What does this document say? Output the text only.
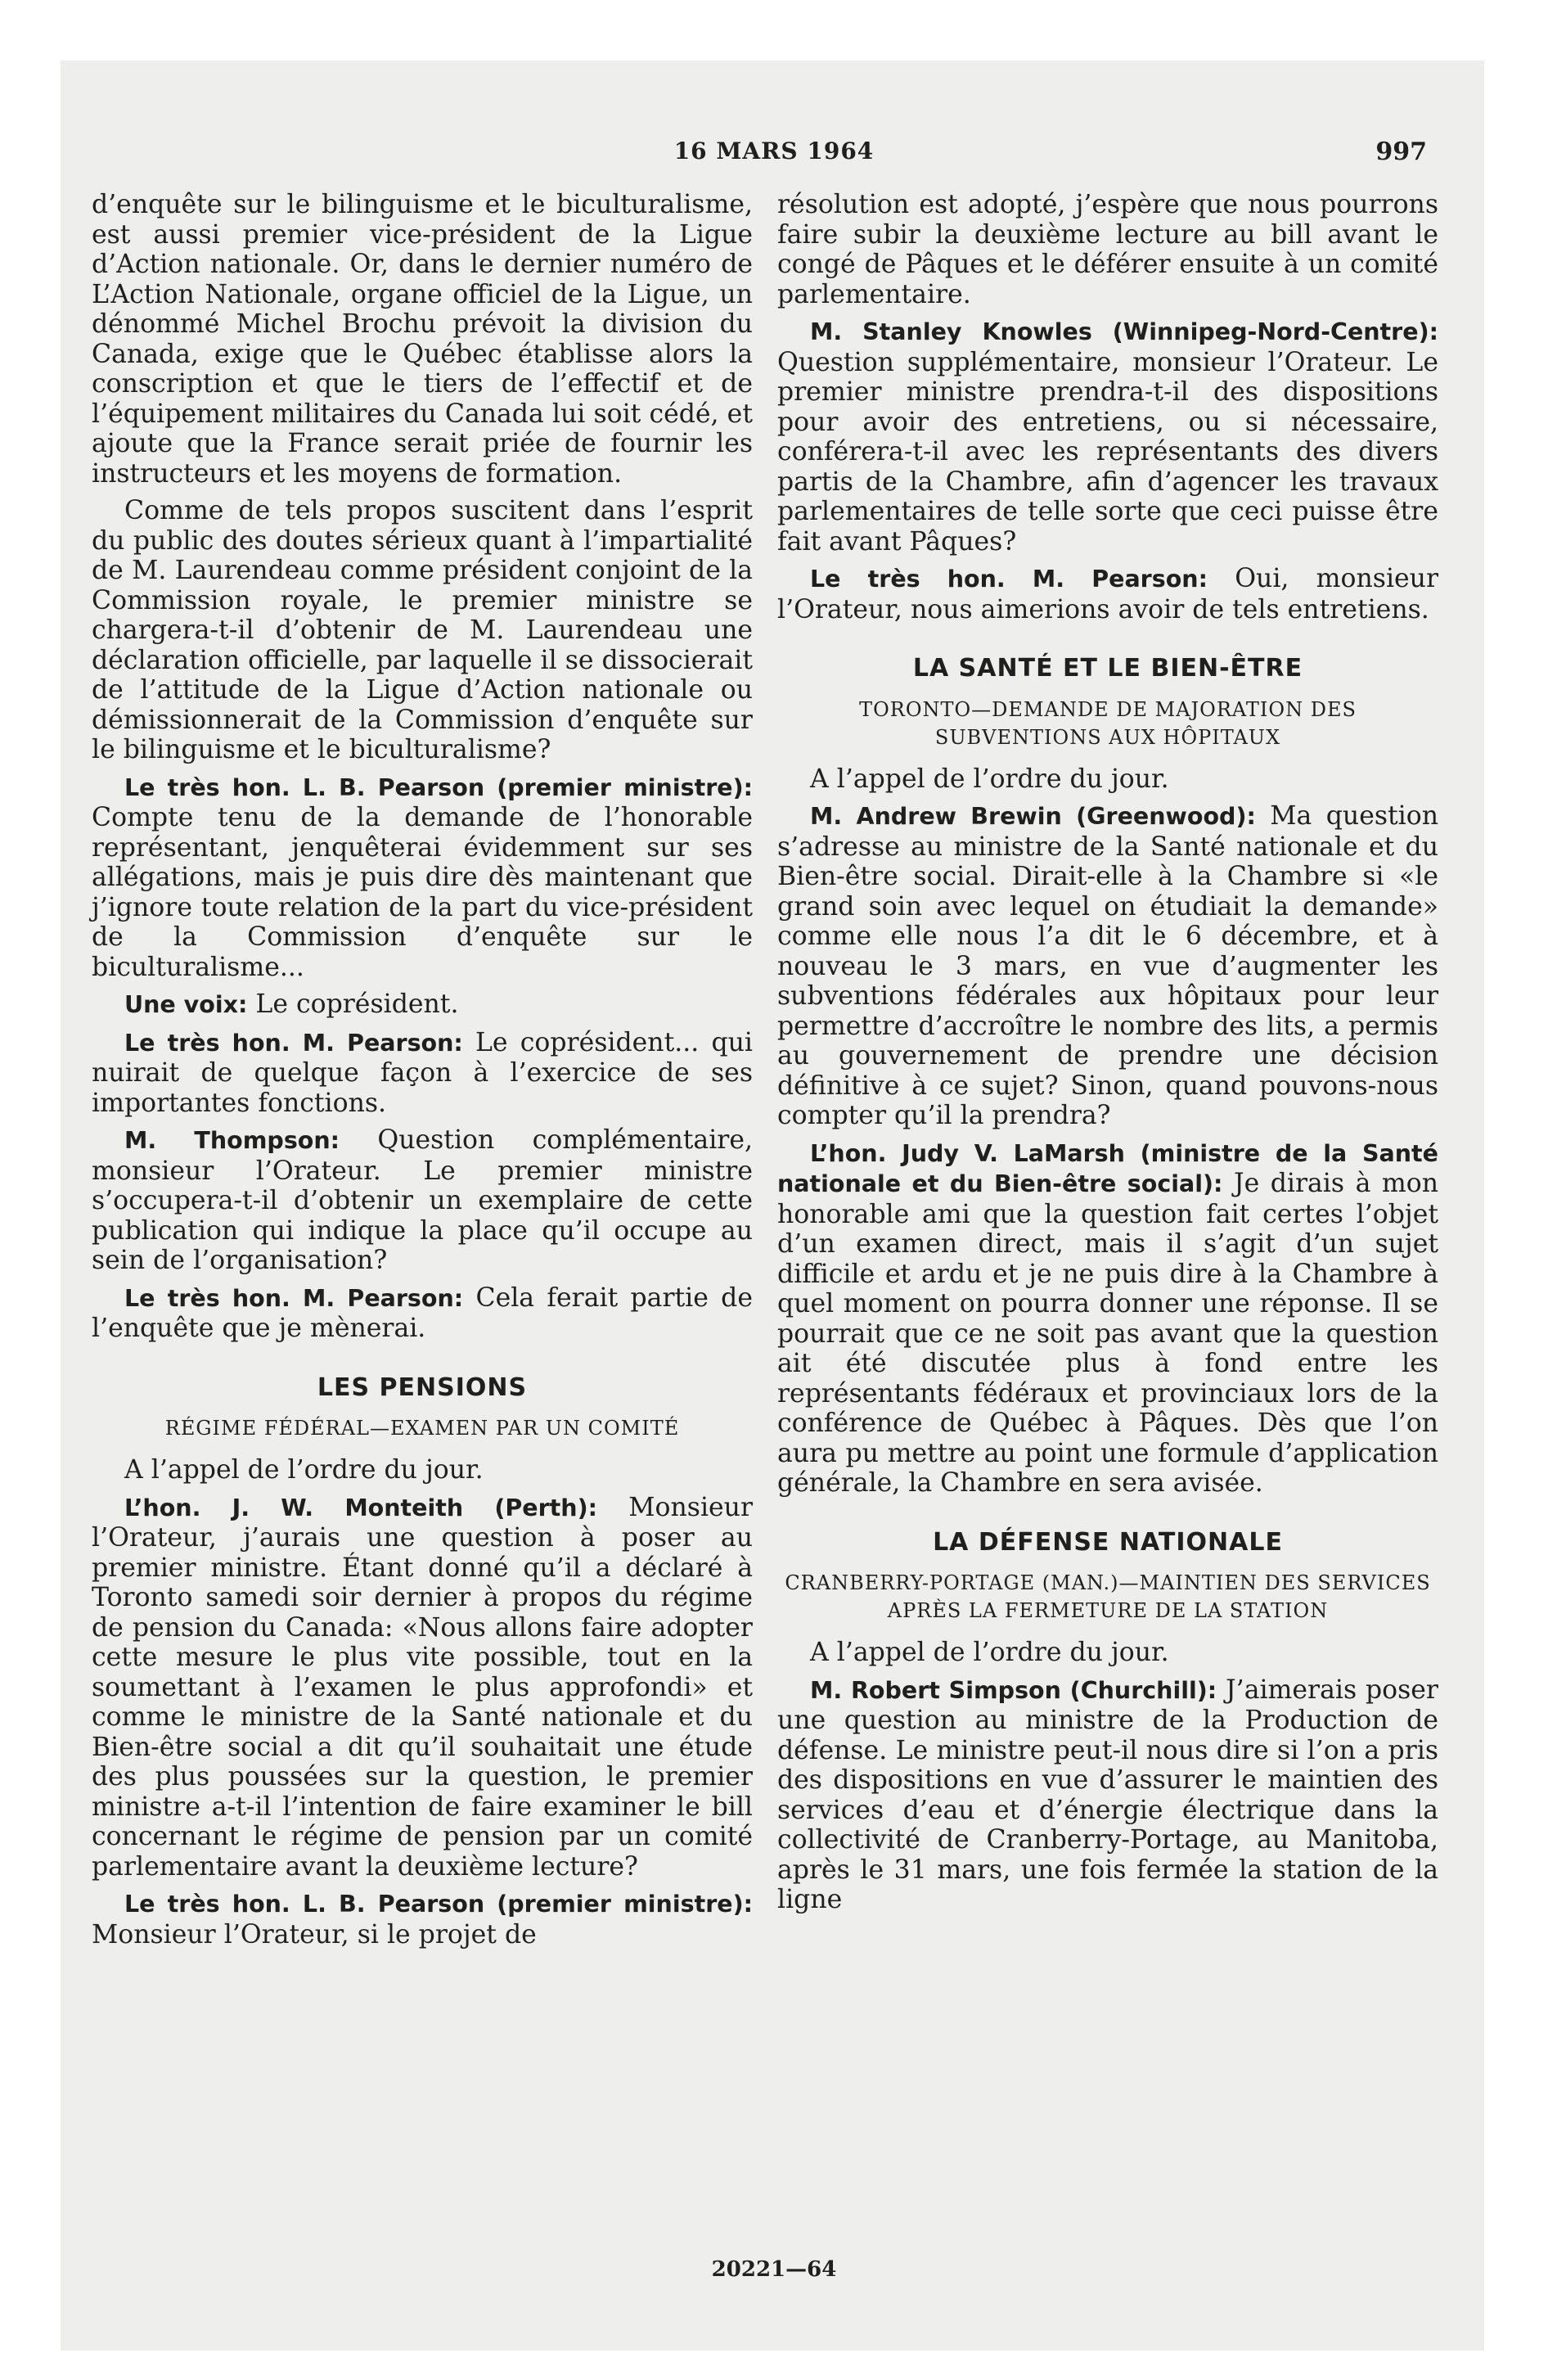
16 MARS 1964	997

d’enquête sur le bilinguisme et le biculturalisme, est aussi premier vice-président de la Ligue d’Action nationale. Or, dans le dernier numéro de L’Action Nationale, organe officiel de la Ligue, un dénommé Michel Brochu prévoit la division du Canada, exige que le Québec établisse alors la conscription et que le tiers de l’effectif et de l’équipement militaires du Canada lui soit cédé, et ajoute que la France serait priée de fournir les instructeurs et les moyens de formation.

Comme de tels propos suscitent dans l’esprit du public des doutes sérieux quant à l’impartialité de M. Laurendeau comme président conjoint de la Commission royale, le premier ministre se chargera-t-il d’obtenir de M. Laurendeau une déclaration officielle, par laquelle il se dissocierait de l’attitude de la Ligue d’Action nationale ou démissionnerait de la Commission d’enquête sur le bilinguisme et le biculturalisme?

Le très hon. L. B. Pearson (premier ministre): Compte tenu de la demande de l’honorable représentant, jenquêterai évidemment sur ses allégations, mais je puis dire dès maintenant que j’ignore toute relation de la part du vice-président de la Commission d’enquête sur le biculturalisme...

Une voix: Le coprésident.

Le très hon. M. Pearson: Le coprésident... qui nuirait de quelque façon à l’exercice de ses importantes fonctions.

M. Thompson: Question complémentaire, monsieur l’Orateur. Le premier ministre s’occupera-t-il d’obtenir un exemplaire de cette publication qui indique la place qu’il occupe au sein de l’organisation?

Le très hon. M. Pearson: Cela ferait partie de l’enquête que je mènerai.

LES PENSIONS
RÉGIME FÉDÉRAL—EXAMEN PAR UN COMITÉ

A l’appel de l’ordre du jour.

L’hon. J. W. Monteith (Perth): Monsieur l’Orateur, j’aurais une question à poser au premier ministre. Étant donné qu’il a déclaré à Toronto samedi soir dernier à propos du régime de pension du Canada: «Nous allons faire adopter cette mesure le plus vite possible, tout en la soumettant à l’examen le plus approfondi» et comme le ministre de la Santé nationale et du Bien-être social a dit qu’il souhaitait une étude des plus poussées sur la question, le premier ministre a-t-il l’intention de faire examiner le bill concernant le régime de pension par un comité parlementaire avant la deuxième lecture?

Le très hon. L. B. Pearson (premier ministre): Monsieur l’Orateur, si le projet de

résolution est adopté, j’espère que nous pourrons faire subir la deuxième lecture au bill avant le congé de Pâques et le déférer ensuite à un comité parlementaire.

M. Stanley Knowles (Winnipeg-Nord-Centre): Question supplémentaire, monsieur l’Orateur. Le premier ministre prendra-t-il des dispositions pour avoir des entretiens, ou si nécessaire, conférera-t-il avec les représentants des divers partis de la Chambre, afin d’agencer les travaux parlementaires de telle sorte que ceci puisse être fait avant Pâques?

Le très hon. M. Pearson: Oui, monsieur l’Orateur, nous aimerions avoir de tels entretiens.

LA SANTÉ ET LE BIEN-ÊTRE
TORONTO—DEMANDE DE MAJORATION DES SUBVENTIONS AUX HÔPITAUX

A l’appel de l’ordre du jour.

M. Andrew Brewin (Greenwood): Ma question s’adresse au ministre de la Santé nationale et du Bien-être social. Dirait-elle à la Chambre si «le grand soin avec lequel on étudiait la demande» comme elle nous l’a dit le 6 décembre, et à nouveau le 3 mars, en vue d’augmenter les subventions fédérales aux hôpitaux pour leur permettre d’accroître le nombre des lits, a permis au gouvernement de prendre une décision définitive à ce sujet? Sinon, quand pouvons-nous compter qu’il la prendra?

L’hon. Judy V. LaMarsh (ministre de la Santé nationale et du Bien-être social): Je dirais à mon honorable ami que la question fait certes l’objet d’un examen direct, mais il s’agit d’un sujet difficile et ardu et je ne puis dire à la Chambre à quel moment on pourra donner une réponse. Il se pourrait que ce ne soit pas avant que la question ait été discutée plus à fond entre les représentants fédéraux et provinciaux lors de la conférence de Québec à Pâques. Dès que l’on aura pu mettre au point une formule d’application générale, la Chambre en sera avisée.

LA DÉFENSE NATIONALE
CRANBERRY-PORTAGE (MAN.)—MAINTIEN DES SERVICES APRÈS LA FERMETURE DE LA STATION

A l’appel de l’ordre du jour.

M. Robert Simpson (Churchill): J’aimerais poser une question au ministre de la Production de défense. Le ministre peut-il nous dire si l’on a pris des dispositions en vue d’assurer le maintien des services d’eau et d’énergie électrique dans la collectivité de Cranberry-Portage, au Manitoba, après le 31 mars, une fois fermée la station de la ligne

20221—64
